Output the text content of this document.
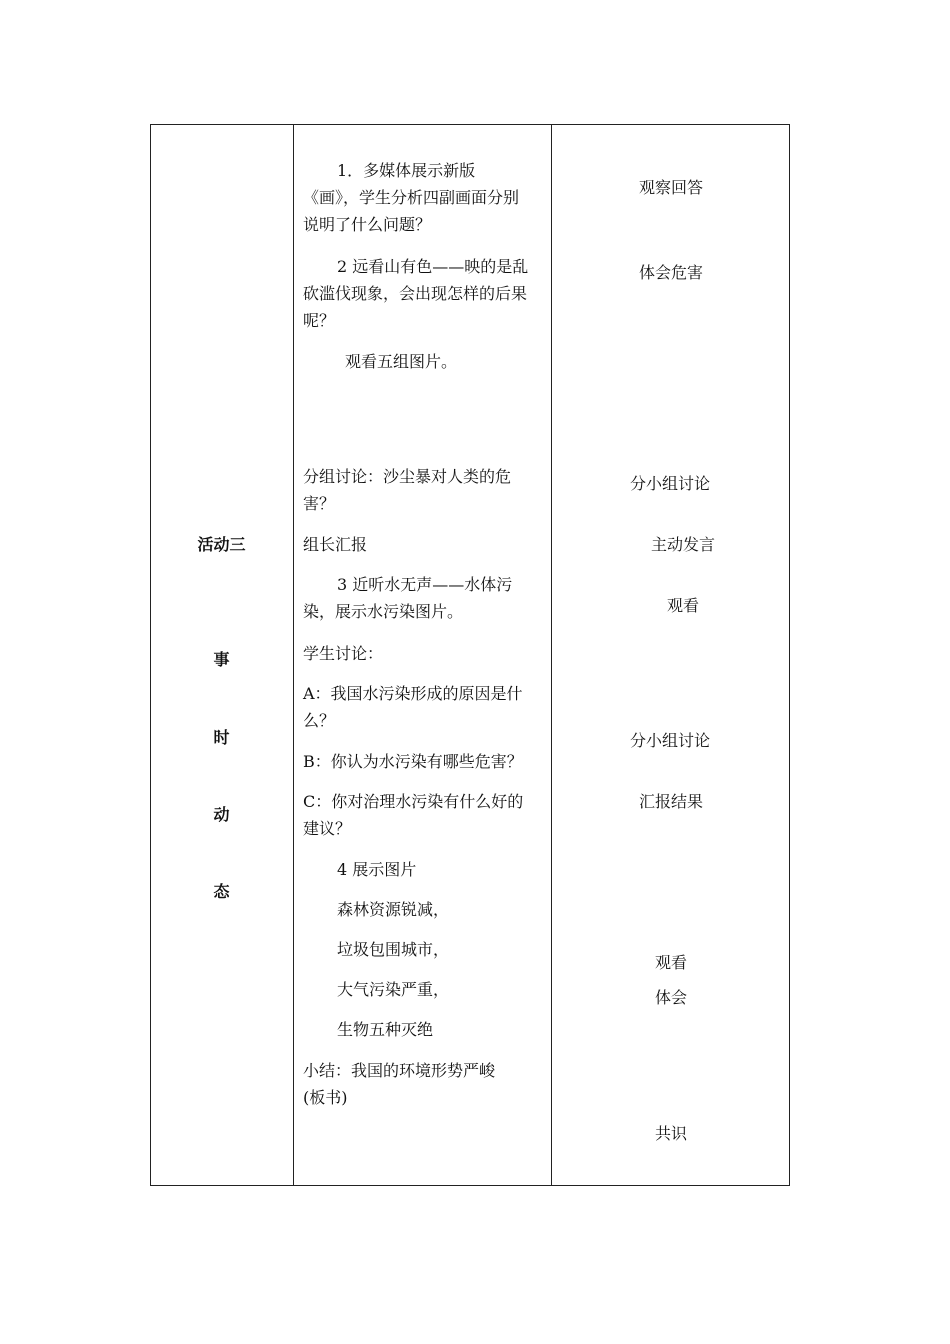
活动三
事
时
动
态
1．多媒体展示新版
《画》，学生分析四副画面分别
说明了什么问题？
2 远看山有色——映的是乱
砍滥伐现象，会出现怎样的后果
呢？
观看五组图片。
分组讨论：沙尘暴对人类的危
害？
组长汇报
3 近听水无声——水体污
染，展示水污染图片。
学生讨论：
A：我国水污染形成的原因是什
么？
B：你认为水污染有哪些危害？
C：你对治理水污染有什么好的
建议？
4 展示图片
森林资源锐减，
垃圾包围城市，
大气污染严重，
生物五种灭绝
小结：我国的环境形势严峻
(板书)
观察回答
体会危害
分小组讨论
主动发言
观看
分小组讨论
汇报结果
观看
体会
共识
